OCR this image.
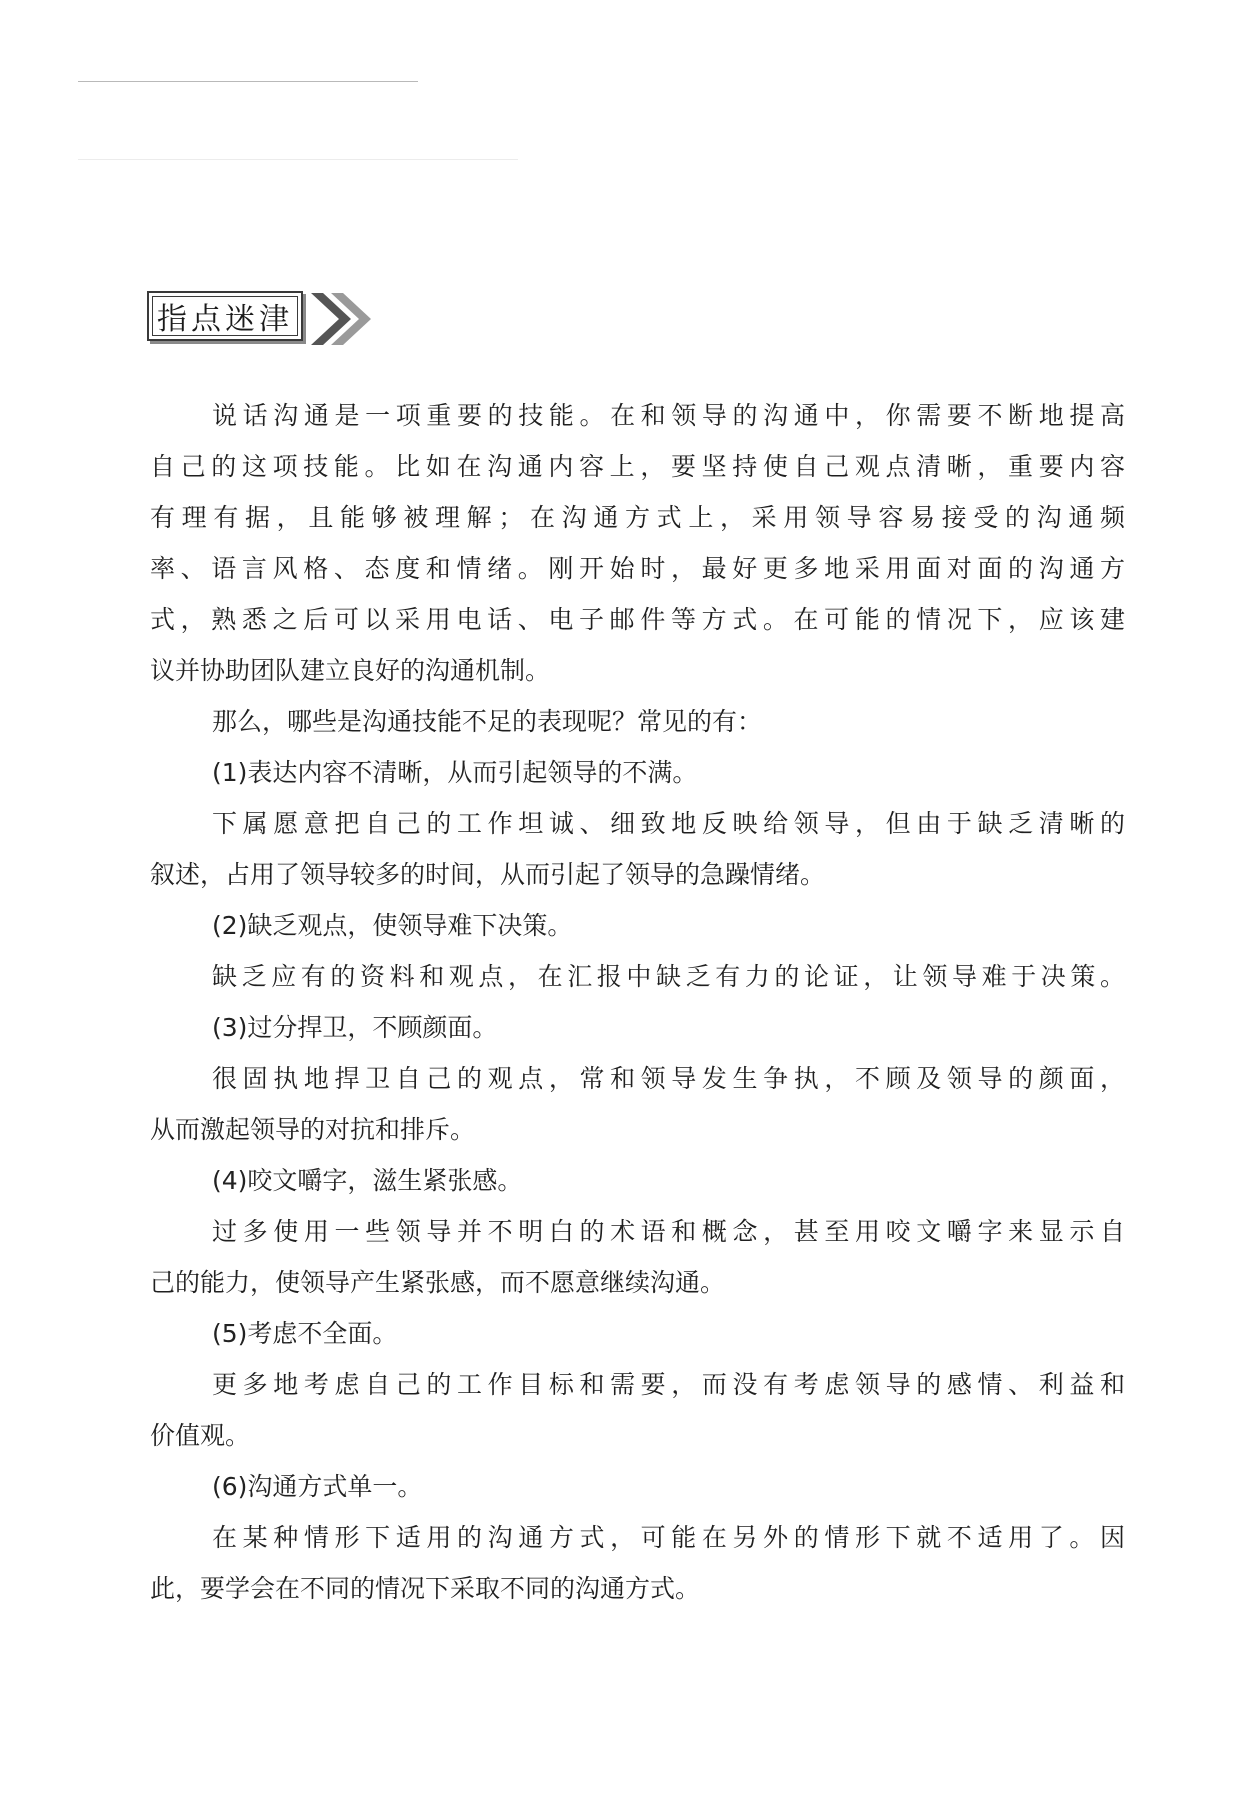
指点迷津
说话沟通是一项重要的技能。在和领导的沟通中，你需要不断地提高
自己的这项技能。比如在沟通内容上，要坚持使自己观点清晰，重要内容
有理有据，且能够被理解；在沟通方式上，采用领导容易接受的沟通频
率、语言风格、态度和情绪。刚开始时，最好更多地采用面对面的沟通方
式，熟悉之后可以采用电话、电子邮件等方式。在可能的情况下，应该建
议并协助团队建立良好的沟通机制。
那么，哪些是沟通技能不足的表现呢？常见的有：
(1)表达内容不清晰，从而引起领导的不满。
下属愿意把自己的工作坦诚、细致地反映给领导，但由于缺乏清晰的
叙述，占用了领导较多的时间，从而引起了领导的急躁情绪。
(2)缺乏观点，使领导难下决策。
缺乏应有的资料和观点，在汇报中缺乏有力的论证，让领导难于决策。
(3)过分捍卫，不顾颜面。
很固执地捍卫自己的观点，常和领导发生争执，不顾及领导的颜面，
从而激起领导的对抗和排斥。
(4)咬文嚼字，滋生紧张感。
过多使用一些领导并不明白的术语和概念，甚至用咬文嚼字来显示自
己的能力，使领导产生紧张感，而不愿意继续沟通。
(5)考虑不全面。
更多地考虑自己的工作目标和需要，而没有考虑领导的感情、利益和
价值观。
(6)沟通方式单一。
在某种情形下适用的沟通方式，可能在另外的情形下就不适用了。因
此，要学会在不同的情况下采取不同的沟通方式。
